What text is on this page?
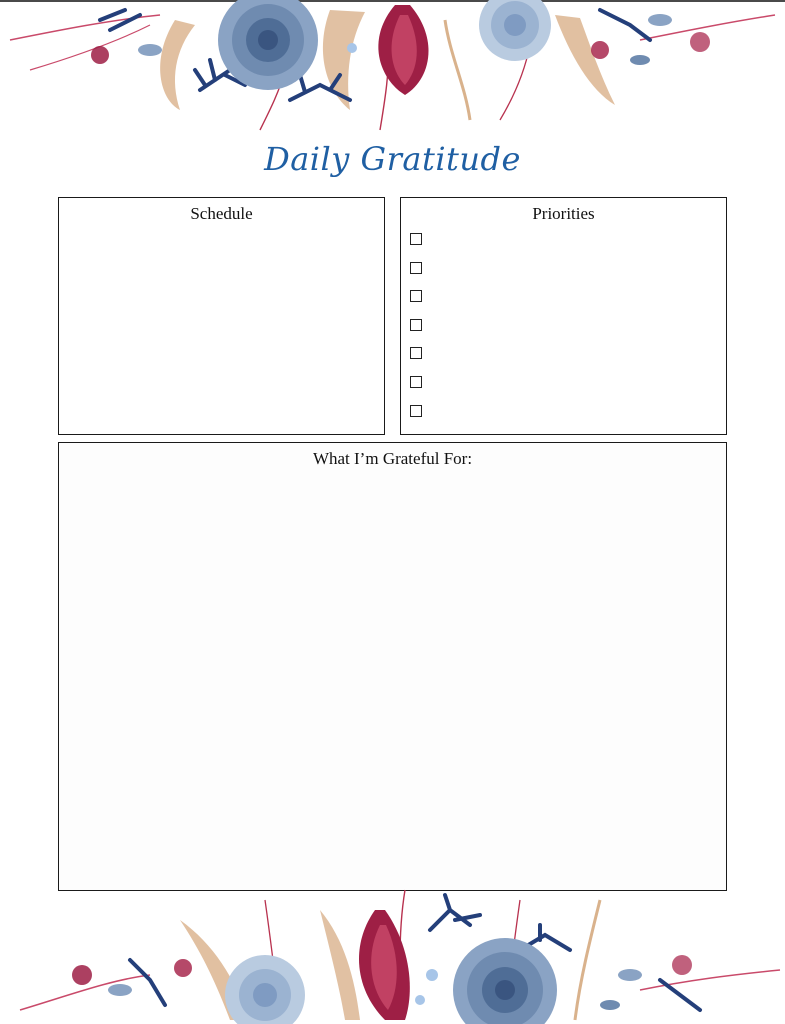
Daily Gratitude
Schedule	Priorities
What I’m Grateful For:
